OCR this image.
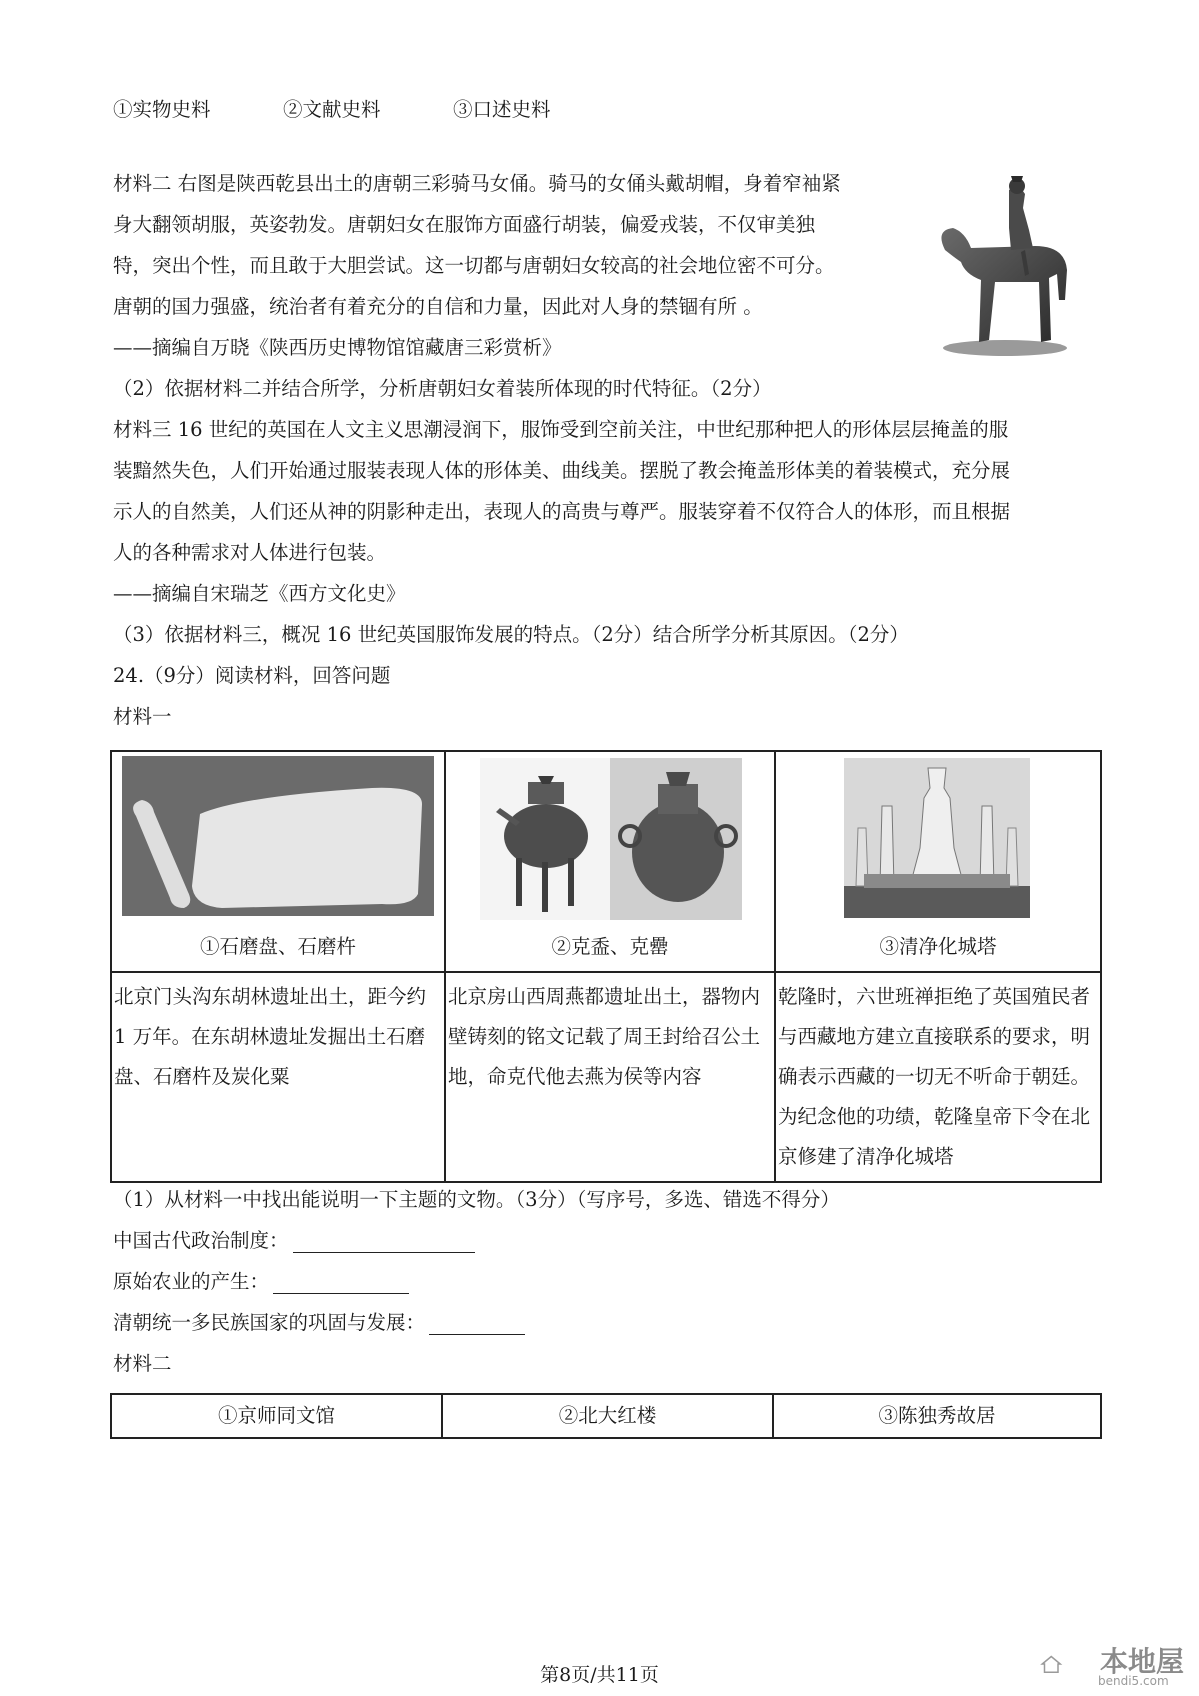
①实物史料	②文献史料	③口述史料
材料二 右图是陕西乾县出土的唐朝三彩骑马女俑。骑马的女俑头戴胡帽，身着窄袖紧
身大翻领胡服，英姿勃发。唐朝妇女在服饰方面盛行胡装，偏爱戎装，不仅审美独
特，突出个性，而且敢于大胆尝试。这一切都与唐朝妇女较高的社会地位密不可分。
唐朝的国力强盛，统治者有着充分的自信和力量，因此对人身的禁锢有所 。
——摘编自万晓《陕西历史博物馆馆藏唐三彩赏析》
（2）依据材料二并结合所学，分析唐朝妇女着装所体现的时代特征。（2分）
材料三 16 世纪的英国在人文主义思潮浸润下，服饰受到空前关注，中世纪那种把人的形体层层掩盖的服
装黯然失色，人们开始通过服装表现人体的形体美、曲线美。摆脱了教会掩盖形体美的着装模式，充分展
示人的自然美，人们还从神的阴影种走出，表现人的高贵与尊严。服装穿着不仅符合人的体形，而且根据
人的各种需求对人体进行包装。
——摘编自宋瑞芝《西方文化史》
（3）依据材料三，概况 16 世纪英国服饰发展的特点。（2分）结合所学分析其原因。（2分）
24.（9分）阅读材料，回答问题
材料一
①石磨盘、石磨杵	②克盉、克罍	③清净化城塔

北京门头沟东胡林遗址出土，距今约 1 万年。在东胡林遗址发掘出土石磨盘、石磨杵及炭化粟	北京房山西周燕都遗址出土，器物内壁铸刻的铭文记载了周王封给召公土地，命克代他去燕为侯等内容	乾隆时，六世班禅拒绝了英国殖民者与西藏地方建立直接联系的要求，明确表示西藏的一切无不听命于朝廷。为纪念他的功绩，乾隆皇帝下令在北京修建了清净化城塔
（1）从材料一中找出能说明一下主题的文物。（3分）（写序号，多选、错选不得分）
中国古代政治制度：
原始农业的产生：
清朝统一多民族国家的巩固与发展：
材料二
①京师同文馆	②北大红楼	③陈独秀故居
第8页/共11页	本地屋
bendi5.com
